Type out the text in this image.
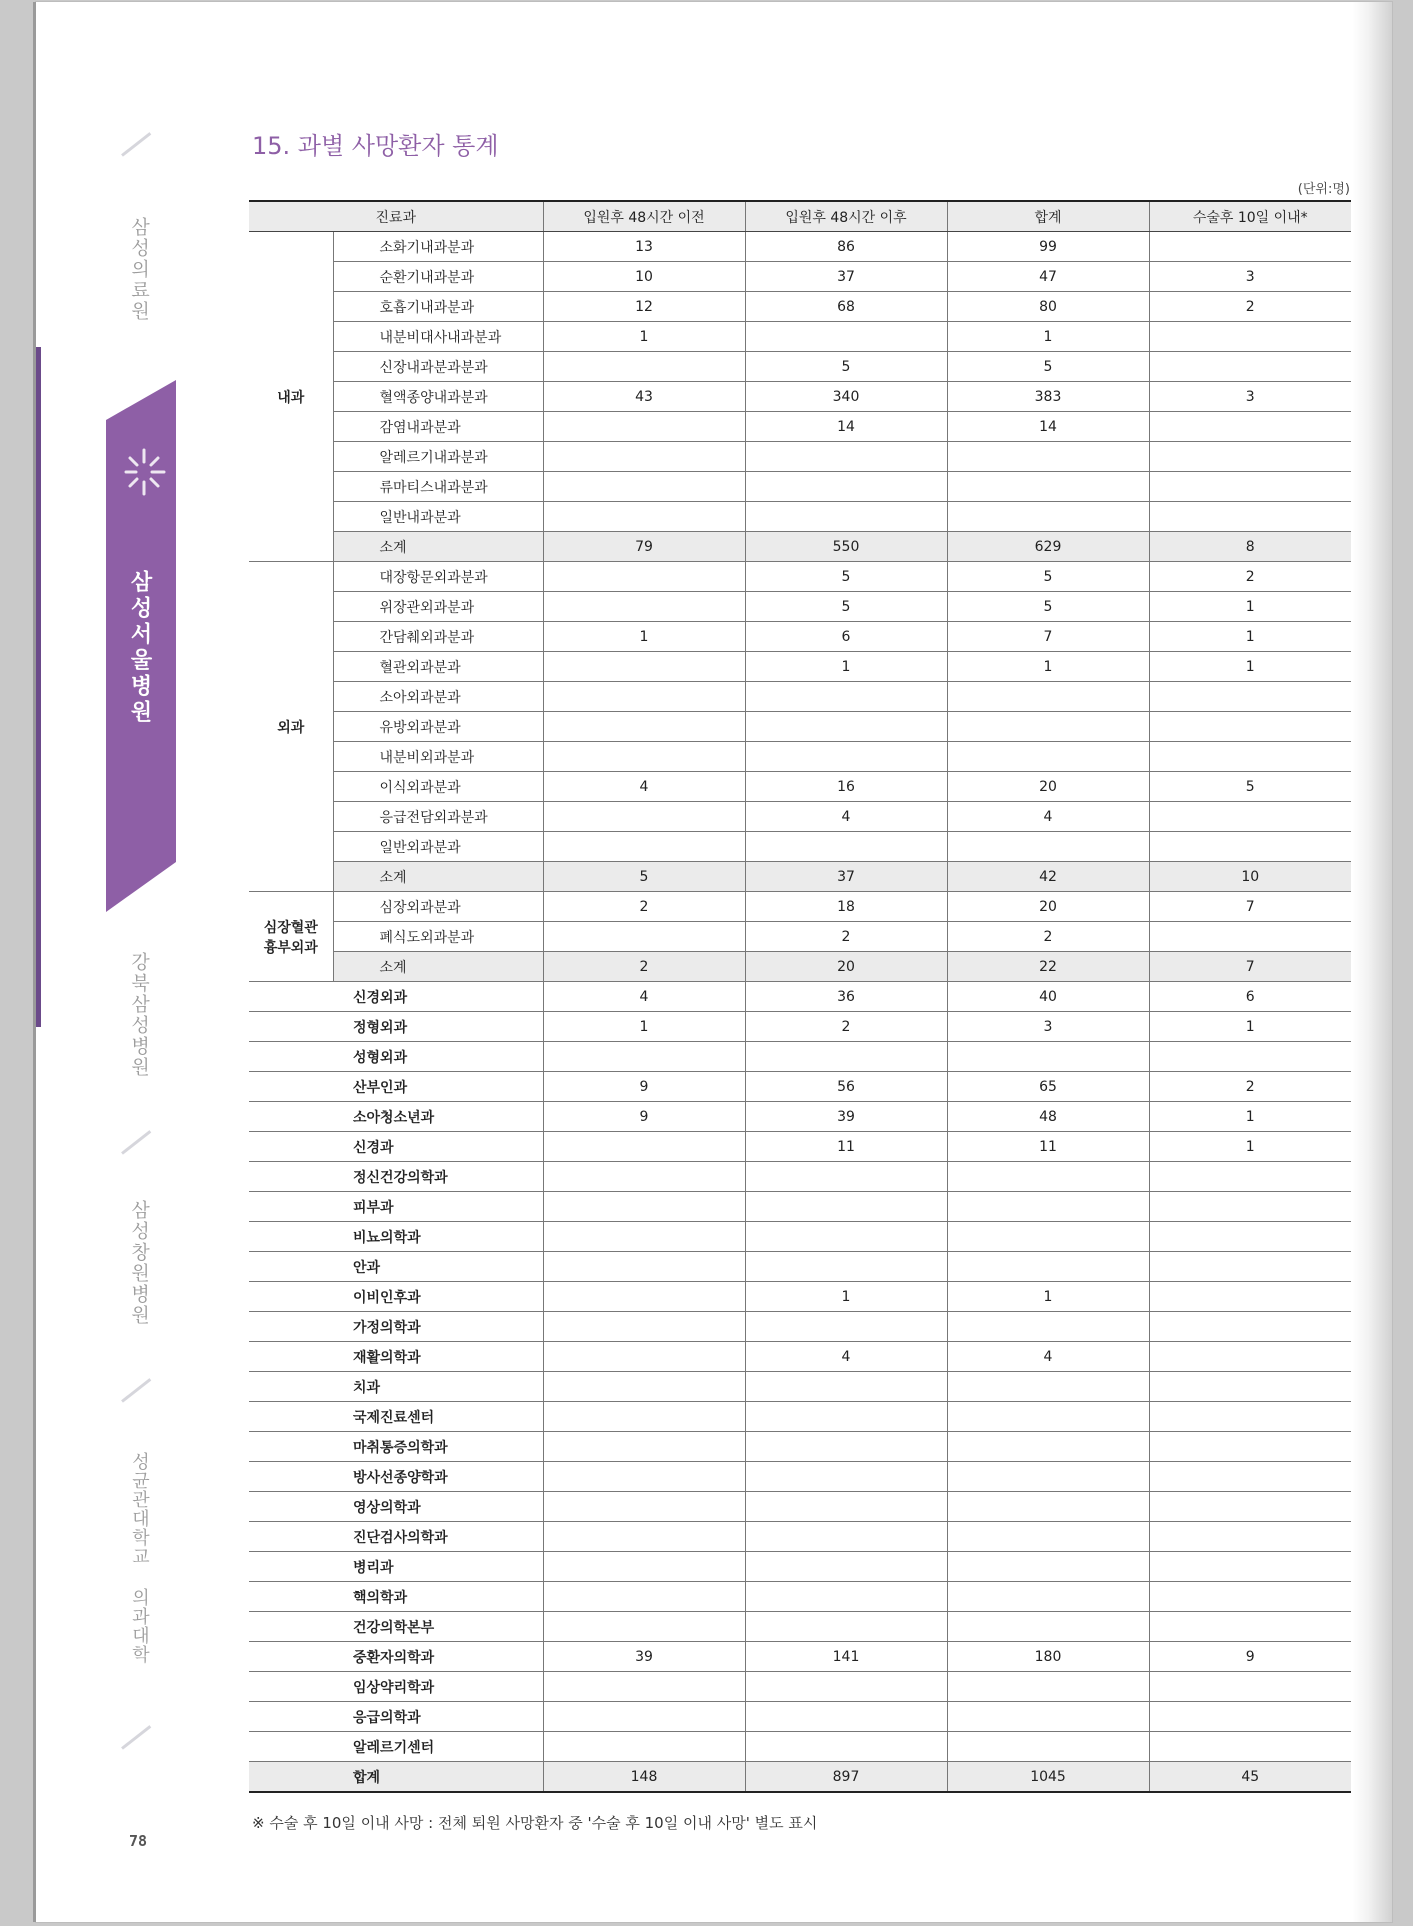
삼성의료원
삼성서울병원
강북삼성병원
삼성창원병원
성균관대학교 의과대학
78
15. 과별 사망환자 통계
(단위:명)
진료과		입원후 48시간 이전	입원후 48시간 이후	합계	수술후 10일 이내*
내과	소화기내과분과	13	86	99	
	순환기내과분과	10	37	47	3
	호흡기내과분과	12	68	80	2
	내분비대사내과분과	1		1	
	신장내과분과분과		5	5	
	혈액종양내과분과	43	340	383	3
	감염내과분과		14	14	
	알레르기내과분과				
	류마티스내과분과				
	일반내과분과				
	소계	79	550	629	8
외과	대장항문외과분과		5	5	2
	위장관외과분과		5	5	1
	간담췌외과분과	1	6	7	1
	혈관외과분과		1	1	1
	소아외과분과				
	유방외과분과				
	내분비외과분과				
	이식외과분과	4	16	20	5
	응급전담외과분과		4	4	
	일반외과분과				
	소계	5	37	42	10
심장혈관
흉부외과	심장외과분과	2	18	20	7
	폐식도외과분과		2	2	
	소계	2	20	22	7
신경외과		4	36	40	6
정형외과		1	2	3	1
성형외과					
산부인과		9	56	65	2
소아청소년과		9	39	48	1
신경과			11	11	1
정신건강의학과					
피부과					
비뇨의학과					
안과					
이비인후과			1	1	
가정의학과					
재활의학과			4	4	
치과					
국제진료센터					
마취통증의학과					
방사선종양학과					
영상의학과					
진단검사의학과					
병리과					
핵의학과					
건강의학본부					
중환자의학과		39	141	180	9
임상약리학과					
응급의학과					
알레르기센터					
합계		148	897	1045	45
※ 수술 후 10일 이내 사망 : 전체 퇴원 사망환자 중 '수술 후 10일 이내 사망' 별도 표시
